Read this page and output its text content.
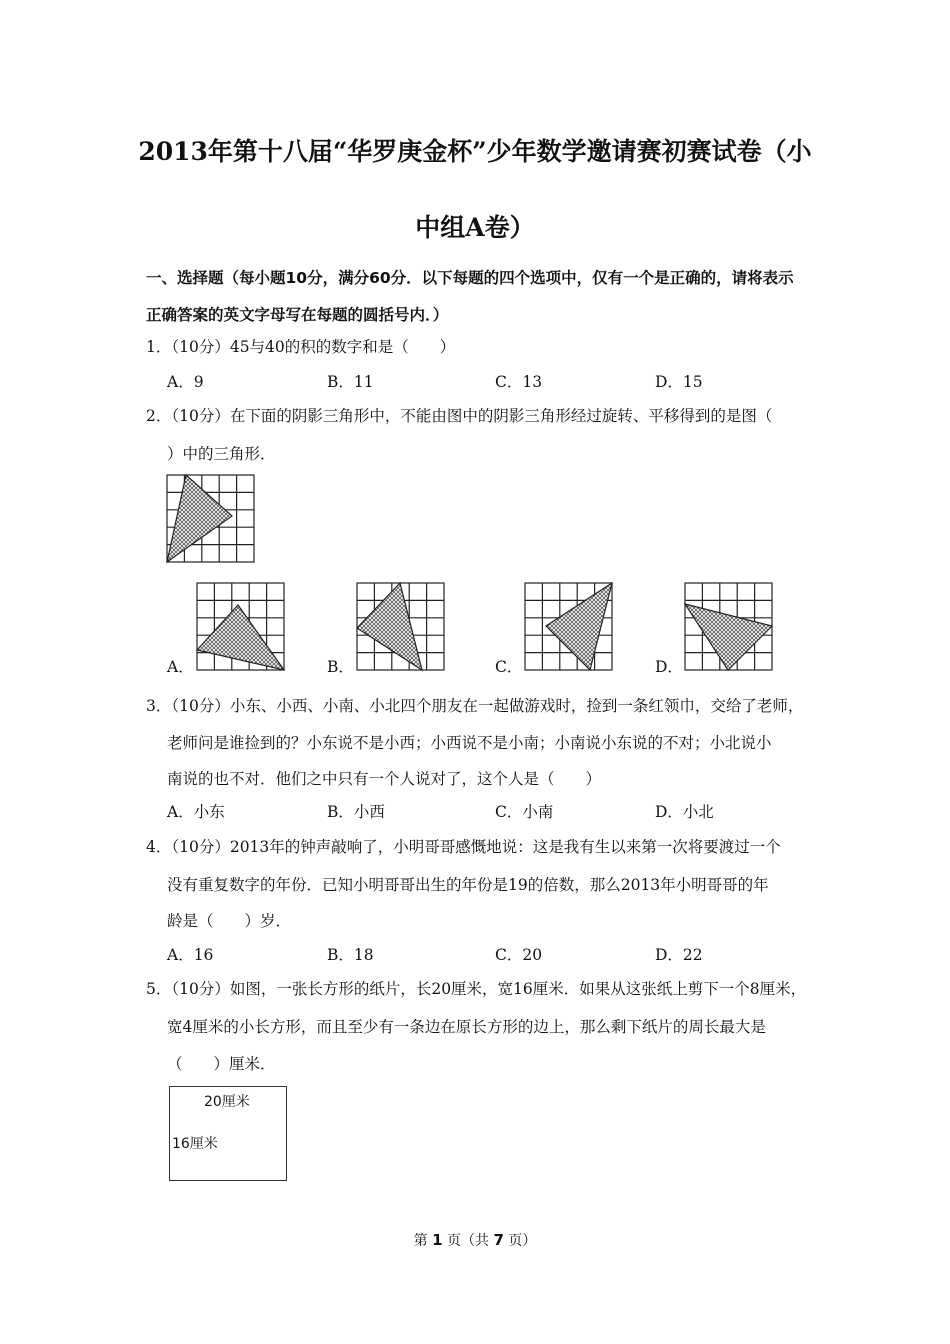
2013年第十八届“华罗庚金杯”少年数学邀请赛初赛试卷（小
中组A卷）
一、选择题（每小题10分，满分60分．以下每题的四个选项中，仅有一个是正确的，请将表示
正确答案的英文字母写在每题的圆括号内．）
1．（10分）45与40的积的数字和是（　　）
A．9	B．11	C．13	D．15
2．（10分）在下面的阴影三角形中，不能由图中的阴影三角形经过旋转、平移得到的是图（
）中的三角形．
A．	B．	C．	D．
3．（10分）小东、小西、小南、小北四个朋友在一起做游戏时，捡到一条红领巾，交给了老师，
老师问是谁捡到的？小东说不是小西；小西说不是小南；小南说小东说的不对；小北说小
南说的也不对．他们之中只有一个人说对了，这个人是（　　）
A．小东	B．小西	C．小南	D．小北
4．（10分）2013年的钟声敲响了，小明哥哥感慨地说：这是我有生以来第一次将要渡过一个
没有重复数字的年份．已知小明哥哥出生的年份是19的倍数，那么2013年小明哥哥的年
龄是（　　）岁．
A．16	B．18	C．20	D．22
5．（10分）如图，一张长方形的纸片，长20厘米，宽16厘米．如果从这张纸上剪下一个8厘米，
宽4厘米的小长方形，而且至少有一条边在原长方形的边上，那么剩下纸片的周长最大是
（　　）厘米．
20厘米
16厘米
第 1 页（共 7 页）
